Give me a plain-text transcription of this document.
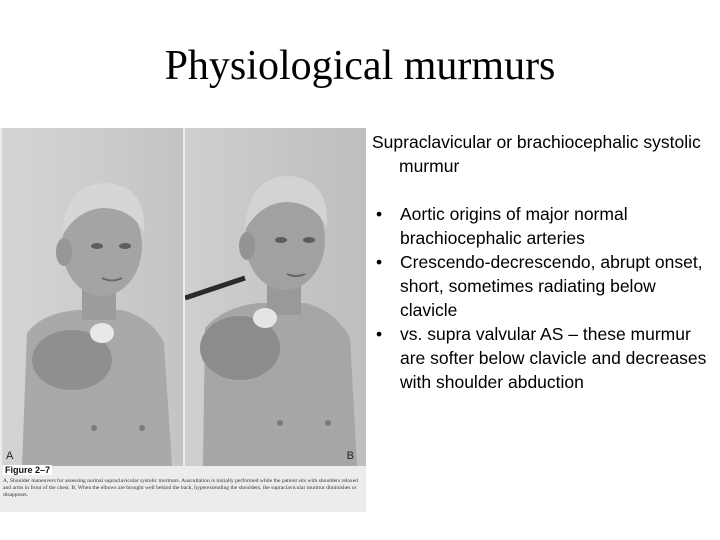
Physiological murmurs
A	B
Figure 2–7
A, Shoulder maneuvers for assessing normal supraclavicular systolic murmurs. Auscultation is initially performed while the patient sits with shoulders relaxed and arms in front of the chest. B, When the elbows are brought well behind the back, hyperextending the shoulders, the supraclavicular murmur diminishes or disappears.

Supraclavicular or brachiocephalic systolic murmur

• Aortic origins of major normal brachiocephalic arteries
• Crescendo-decrescendo, abrupt onset, short, sometimes radiating below clavicle
• vs. supra valvular AS – these murmur are softer below clavicle and decreases with shoulder abduction
